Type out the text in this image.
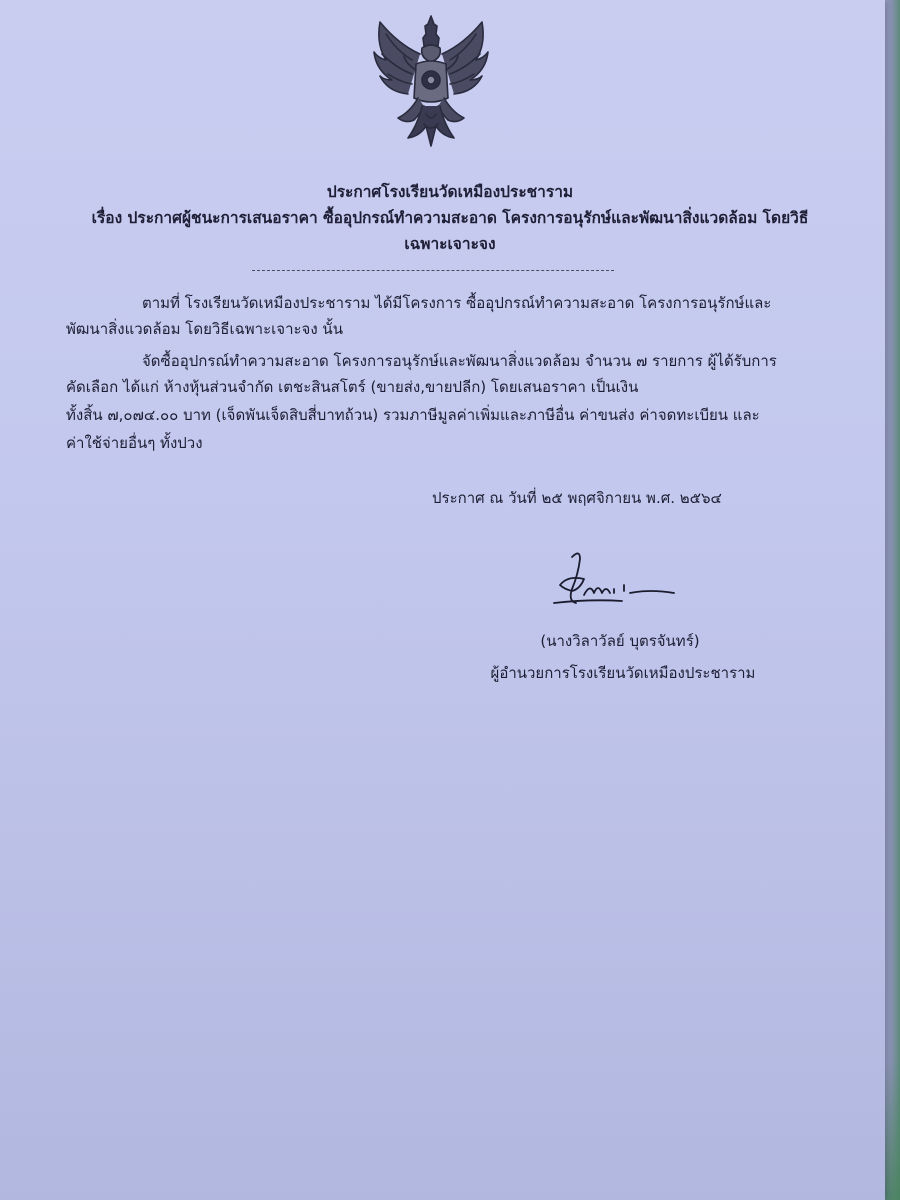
ประกาศโรงเรียนวัดเหมืองประชาราม
เรื่อง ประกาศผู้ชนะการเสนอราคา ซื้ออุปกรณ์ทำความสะอาด โครงการอนุรักษ์และพัฒนาสิ่งแวดล้อม โดยวิธี
เฉพาะเจาะจง
ตามที่ โรงเรียนวัดเหมืองประชาราม ได้มีโครงการ ซื้ออุปกรณ์ทำความสะอาด โครงการอนุรักษ์และ
พัฒนาสิ่งแวดล้อม โดยวิธีเฉพาะเจาะจง นั้น
จัดซื้ออุปกรณ์ทำความสะอาด โครงการอนุรักษ์และพัฒนาสิ่งแวดล้อม จำนวน ๗ รายการ ผู้ได้รับการ
คัดเลือก ได้แก่ ห้างหุ้นส่วนจำกัด เตชะสินสโตร์ (ขายส่ง,ขายปลีก) โดยเสนอราคา เป็นเงิน
ทั้งสิ้น ๗,๐๗๔.๐๐ บาท (เจ็ดพันเจ็ดสิบสี่บาทถ้วน) รวมภาษีมูลค่าเพิ่มและภาษีอื่น ค่าขนส่ง ค่าจดทะเบียน และ
ค่าใช้จ่ายอื่นๆ ทั้งปวง
ประกาศ ณ วันที่ ๒๕ พฤศจิกายน พ.ศ. ๒๕๖๔
(นางวิลาวัลย์ บุตรจันทร์)
ผู้อำนวยการโรงเรียนวัดเหมืองประชาราม
